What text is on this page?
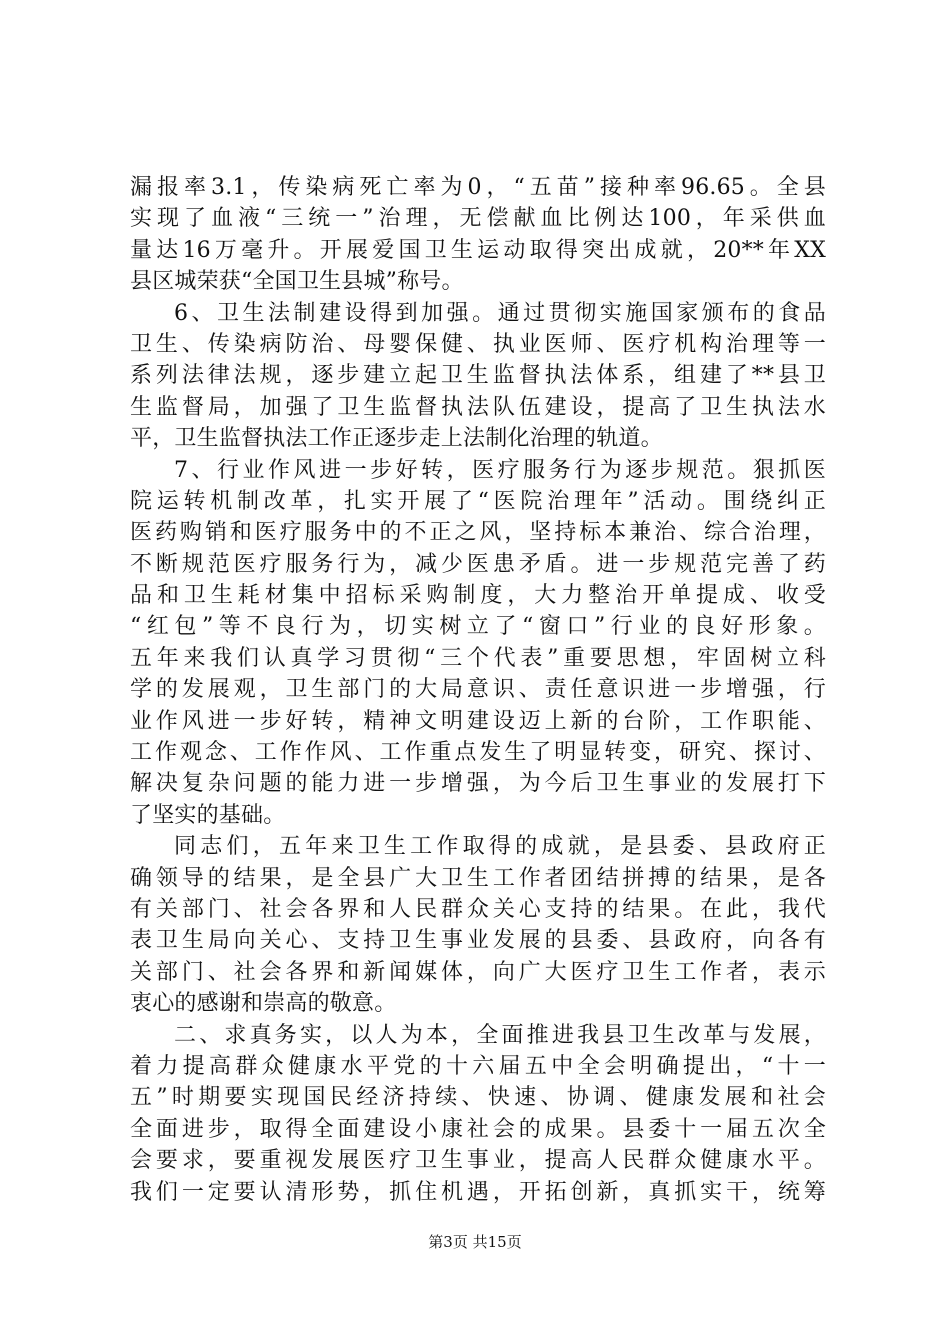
漏报率3.1，传染病死亡率为0，“五苗”接种率96.65。全县
实现了血液“三统一”治理，无偿献血比例达100，年采供血
量达16万毫升。开展爱国卫生运动取得突出成就，20**年XX
县区城荣获“全国卫生县城”称号。
6、卫生法制建设得到加强。通过贯彻实施国家颁布的食品
卫生、传染病防治、母婴保健、执业医师、医疗机构治理等一
系列法律法规，逐步建立起卫生监督执法体系，组建了**县卫
生监督局，加强了卫生监督执法队伍建设，提高了卫生执法水
平，卫生监督执法工作正逐步走上法制化治理的轨道。
7、行业作风进一步好转，医疗服务行为逐步规范。狠抓医
院运转机制改革，扎实开展了“医院治理年”活动。围绕纠正
医药购销和医疗服务中的不正之风，坚持标本兼治、综合治理，
不断规范医疗服务行为，减少医患矛盾。进一步规范完善了药
品和卫生耗材集中招标采购制度，大力整治开单提成、收受
“红包”等不良行为，切实树立了“窗口”行业的良好形象。
五年来我们认真学习贯彻“三个代表”重要思想，牢固树立科
学的发展观，卫生部门的大局意识、责任意识进一步增强，行
业作风进一步好转，精神文明建设迈上新的台阶，工作职能、
工作观念、工作作风、工作重点发生了明显转变，研究、探讨、
解决复杂问题的能力进一步增强，为今后卫生事业的发展打下
了坚实的基础。
同志们，五年来卫生工作取得的成就，是县委、县政府正
确领导的结果，是全县广大卫生工作者团结拼搏的结果，是各
有关部门、社会各界和人民群众关心支持的结果。在此，我代
表卫生局向关心、支持卫生事业发展的县委、县政府，向各有
关部门、社会各界和新闻媒体，向广大医疗卫生工作者，表示
衷心的感谢和崇高的敬意。
二、求真务实，以人为本，全面推进我县卫生改革与发展，
着力提高群众健康水平党的十六届五中全会明确提出，“十一
五”时期要实现国民经济持续、快速、协调、健康发展和社会
全面进步，取得全面建设小康社会的成果。县委十一届五次全
会要求，要重视发展医疗卫生事业，提高人民群众健康水平。
我们一定要认清形势，抓住机遇，开拓创新，真抓实干，统筹
第3页 共15页
